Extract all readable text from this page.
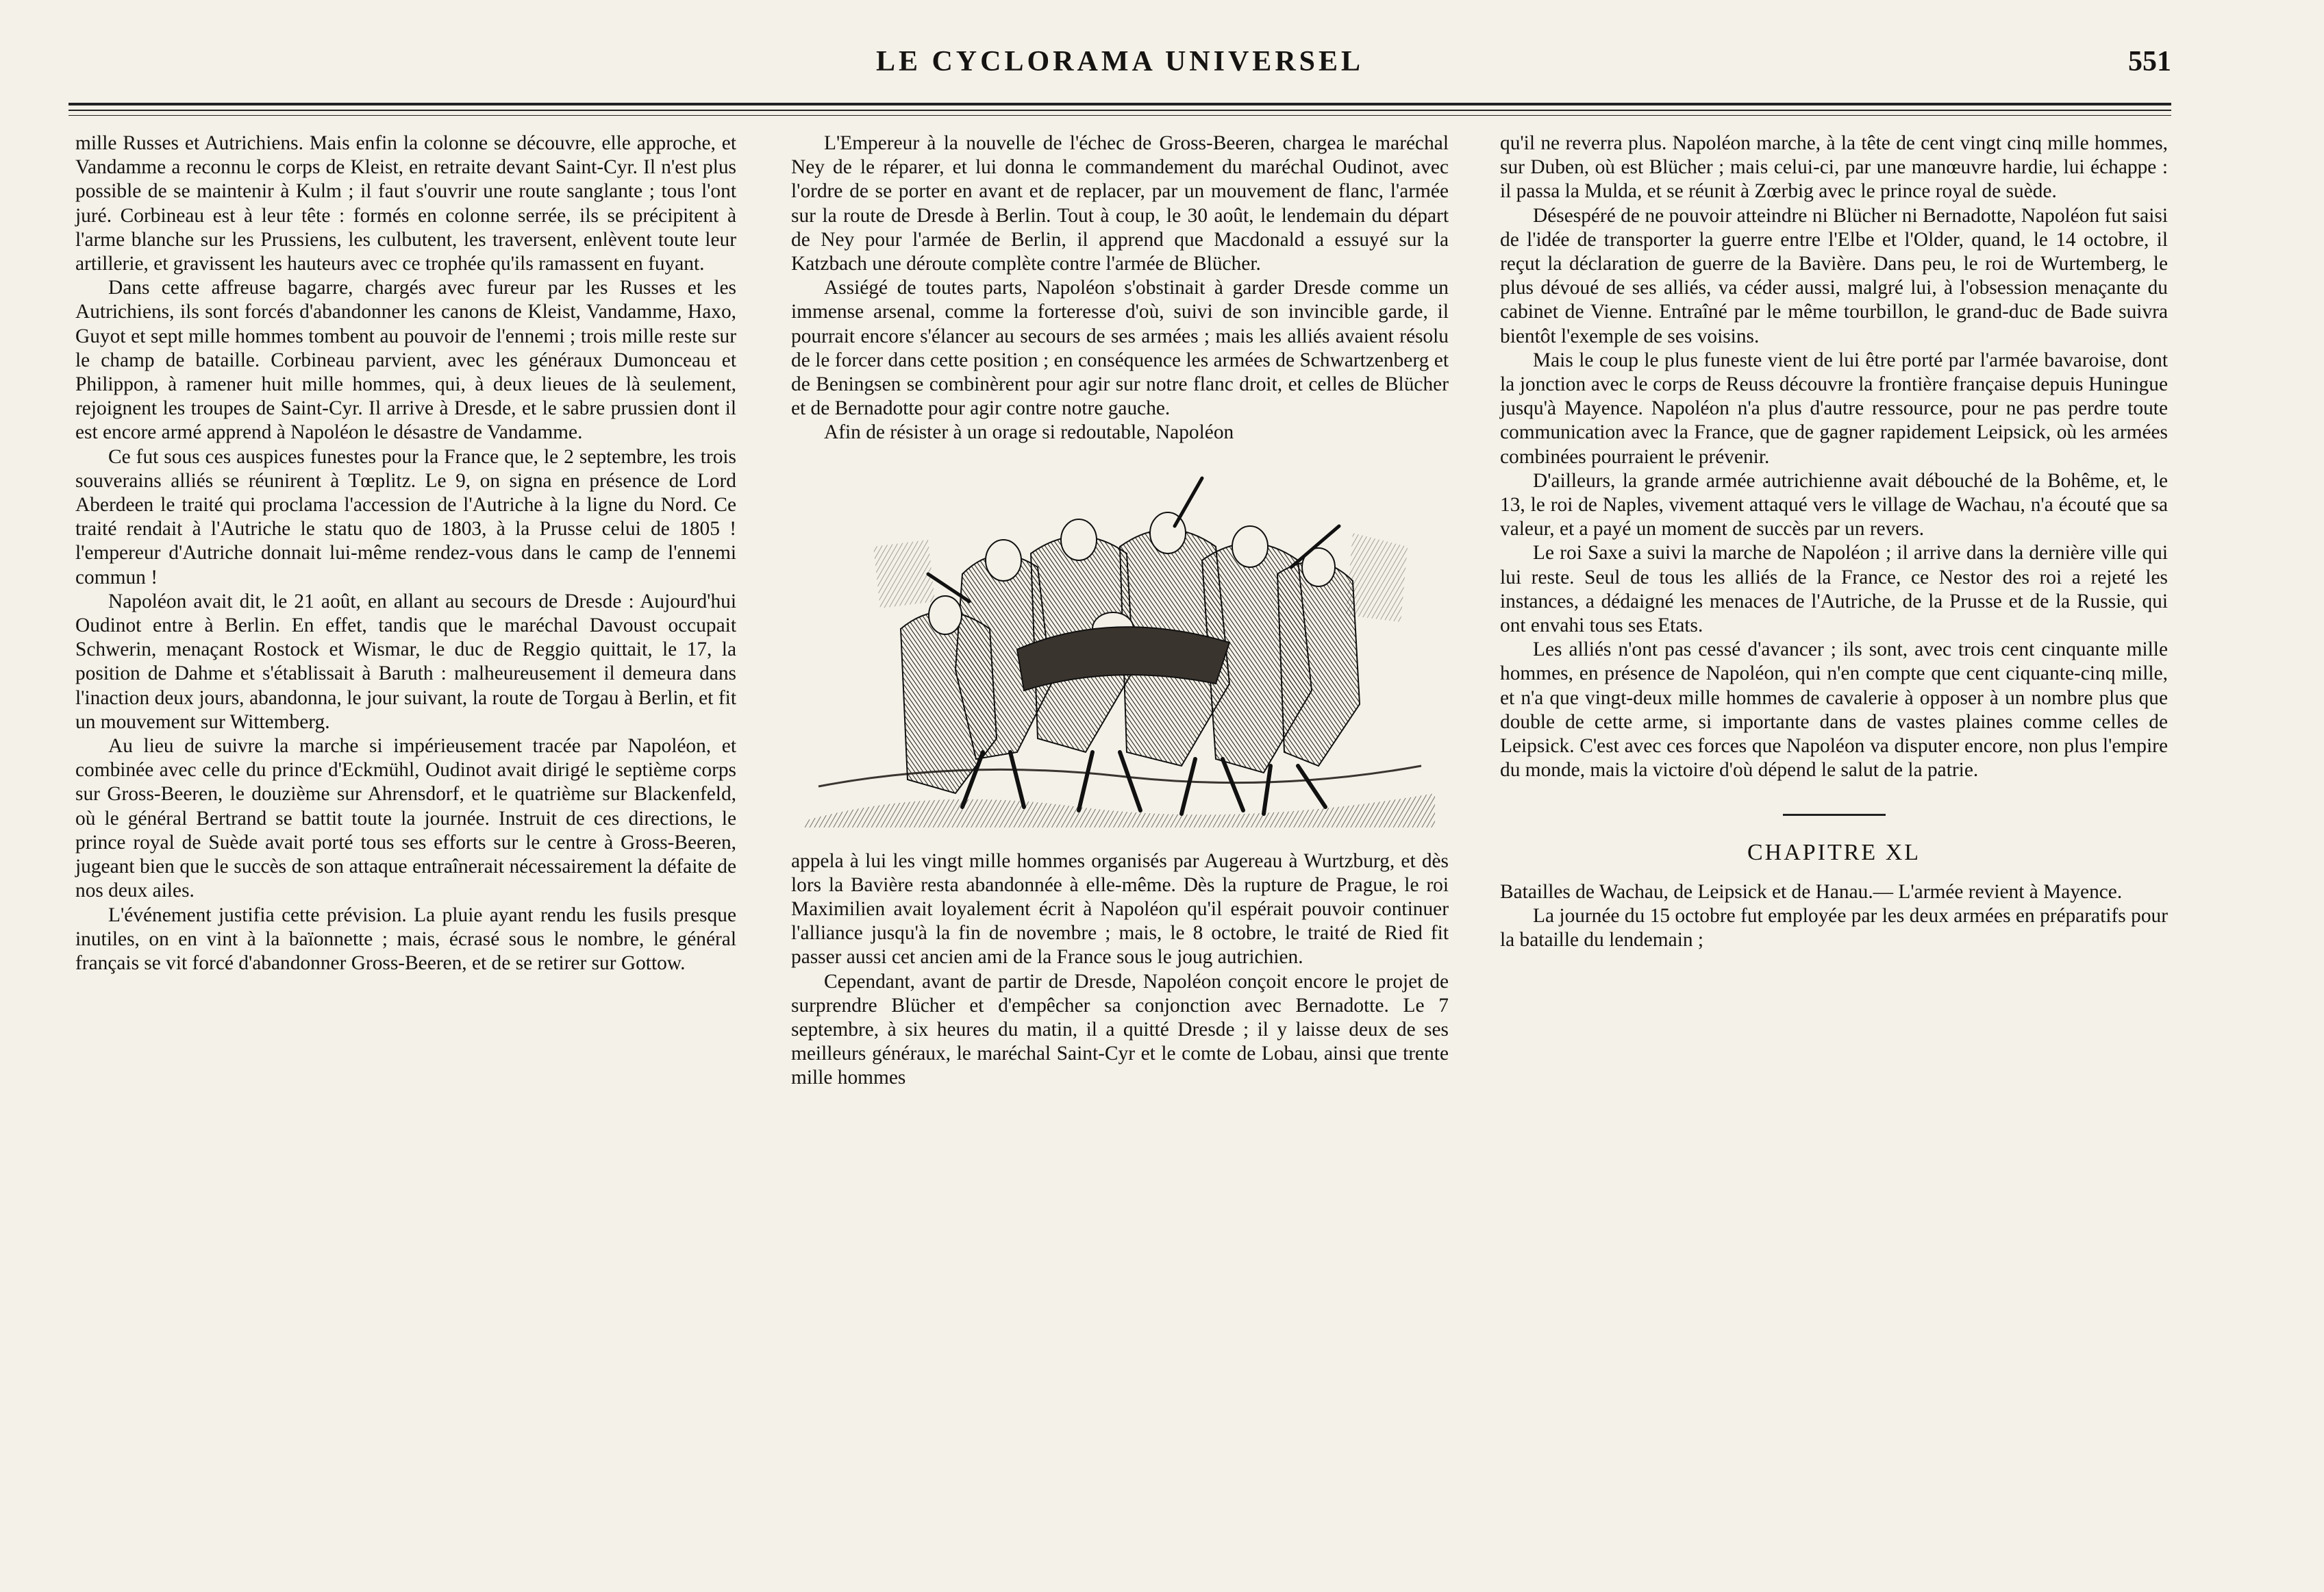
LE CYCLORAMA UNIVERSEL	551

mille Russes et Autrichiens. Mais enfin la colonne se découvre, elle approche, et Vandamme a reconnu le corps de Kleist, en retraite devant Saint-Cyr. Il n'est plus possible de se maintenir à Kulm ; il faut s'ouvrir une route sanglante ; tous l'ont juré. Corbineau est à leur tête : formés en colonne serrée, ils se précipitent à l'arme blanche sur les Prussiens, les culbutent, les traversent, enlèvent toute leur artillerie, et gravissent les hauteurs avec ce trophée qu'ils ramassent en fuyant.

Dans cette affreuse bagarre, chargés avec fureur par les Russes et les Autrichiens, ils sont forcés d'abandonner les canons de Kleist, Vandamme, Haxo, Guyot et sept mille hommes tombent au pouvoir de l'ennemi ; trois mille reste sur le champ de bataille. Corbineau parvient, avec les généraux Dumonceau et Philippon, à ramener huit mille hommes, qui, à deux lieues de là seulement, rejoignent les troupes de Saint-Cyr. Il arrive à Dresde, et le sabre prussien dont il est encore armé apprend à Napoléon le désastre de Vandamme.

Ce fut sous ces auspices funestes pour la France que, le 2 septembre, les trois souverains alliés se réunirent à Tœplitz. Le 9, on signa en présence de Lord Aberdeen le traité qui proclama l'accession de l'Autriche à la ligne du Nord. Ce traité rendait à l'Autriche le statu quo de 1803, à la Prusse celui de 1805 ! l'empereur d'Autriche donnait lui-même rendez-vous dans le camp de l'ennemi commun !

Napoléon avait dit, le 21 août, en allant au secours de Dresde : Aujourd'hui Oudinot entre à Berlin. En effet, tandis que le maréchal Davoust occupait Schwerin, menaçant Rostock et Wismar, le duc de Reggio quittait, le 17, la position de Dahme et s'établissait à Baruth : malheureusement il demeura dans l'inaction deux jours, abandonna, le jour suivant, la route de Torgau à Berlin, et fit un mouvement sur Wittemberg.

Au lieu de suivre la marche si impérieusement tracée par Napoléon, et combinée avec celle du prince d'Eckmühl, Oudinot avait dirigé le septième corps sur Gross-Beeren, le douzième sur Ahrensdorf, et le quatrième sur Blackenfeld, où le général Bertrand se battit toute la journée. Instruit de ces directions, le prince royal de Suède avait porté tous ses efforts sur le centre à Gross-Beeren, jugeant bien que le succès de son attaque entraînerait nécessairement la défaite de nos deux ailes.

L'événement justifia cette prévision. La pluie ayant rendu les fusils presque inutiles, on en vint à la baïonnette ; mais, écrasé sous le nombre, le général français se vit forcé d'abandonner Gross-Beeren, et de se retirer sur Gottow.

L'Empereur à la nouvelle de l'échec de Gross-Beeren, chargea le maréchal Ney de le réparer, et lui donna le commandement du maréchal Oudinot, avec l'ordre de se porter en avant et de replacer, par un mouvement de flanc, l'armée sur la route de Dresde à Berlin. Tout à coup, le 30 août, le lendemain du départ de Ney pour l'armée de Berlin, il apprend que Macdonald a essuyé sur la Katzbach une déroute complète contre l'armée de Blücher.

Assiégé de toutes parts, Napoléon s'obstinait à garder Dresde comme un immense arsenal, comme la forteresse d'où, suivi de son invincible garde, il pourrait encore s'élancer au secours de ses armées ; mais les alliés avaient résolu de le forcer dans cette position ; en conséquence les armées de Schwartzenberg et de Beningsen se combinèrent pour agir sur notre flanc droit, et celles de Blücher et de Bernadotte pour agir contre notre gauche.

Afin de résister à un orage si redoutable, Napoléon

appela à lui les vingt mille hommes organisés par Augereau à Wurtzburg, et dès lors la Bavière resta abandonnée à elle-même. Dès la rupture de Prague, le roi Maximilien avait loyalement écrit à Napoléon qu'il espérait pouvoir continuer l'alliance jusqu'à la fin de novembre ; mais, le 8 octobre, le traité de Ried fit passer aussi cet ancien ami de la France sous le joug autrichien.

Cependant, avant de partir de Dresde, Napoléon conçoit encore le projet de surprendre Blücher et d'empêcher sa conjonction avec Bernadotte. Le 7 septembre, à six heures du matin, il a quitté Dresde ; il y laisse deux de ses meilleurs généraux, le maréchal Saint-Cyr et le comte de Lobau, ainsi que trente mille hommes

qu'il ne reverra plus. Napoléon marche, à la tête de cent vingt cinq mille hommes, sur Duben, où est Blücher ; mais celui-ci, par une manœuvre hardie, lui échappe : il passa la Mulda, et se réunit à Zœrbig avec le prince royal de suède.

Désespéré de ne pouvoir atteindre ni Blücher ni Bernadotte, Napoléon fut saisi de l'idée de transporter la guerre entre l'Elbe et l'Older, quand, le 14 octobre, il reçut la déclaration de guerre de la Bavière. Dans peu, le roi de Wurtemberg, le plus dévoué de ses alliés, va céder aussi, malgré lui, à l'obsession menaçante du cabinet de Vienne. Entraîné par le même tourbillon, le grand-duc de Bade suivra bientôt l'exemple de ses voisins.

Mais le coup le plus funeste vient de lui être porté par l'armée bavaroise, dont la jonction avec le corps de Reuss découvre la frontière française depuis Huningue jusqu'à Mayence. Napoléon n'a plus d'autre ressource, pour ne pas perdre toute communication avec la France, que de gagner rapidement Leipsick, où les armées combinées pourraient le prévenir.

D'ailleurs, la grande armée autrichienne avait débouché de la Bohême, et, le 13, le roi de Naples, vivement attaqué vers le village de Wachau, n'a écouté que sa valeur, et a payé un moment de succès par un revers.

Le roi Saxe a suivi la marche de Napoléon ; il arrive dans la dernière ville qui lui reste. Seul de tous les alliés de la France, ce Nestor des roi a rejeté les instances, a dédaigné les menaces de l'Autriche, de la Prusse et de la Russie, qui ont envahi tous ses Etats.

Les alliés n'ont pas cessé d'avancer ; ils sont, avec trois cent cinquante mille hommes, en présence de Napoléon, qui n'en compte que cent ciquante-cinq mille, et n'a que vingt-deux mille hommes de cavalerie à opposer à un nombre plus que double de cette arme, si importante dans de vastes plaines comme celles de Leipsick. C'est avec ces forces que Napoléon va disputer encore, non plus l'empire du monde, mais la victoire d'où dépend le salut de la patrie.

CHAPITRE XL

Batailles de Wachau, de Leipsick et de Hanau.— L'armée revient à Mayence.

La journée du 15 octobre fut employée par les deux armées en préparatifs pour la bataille du lendemain ;
